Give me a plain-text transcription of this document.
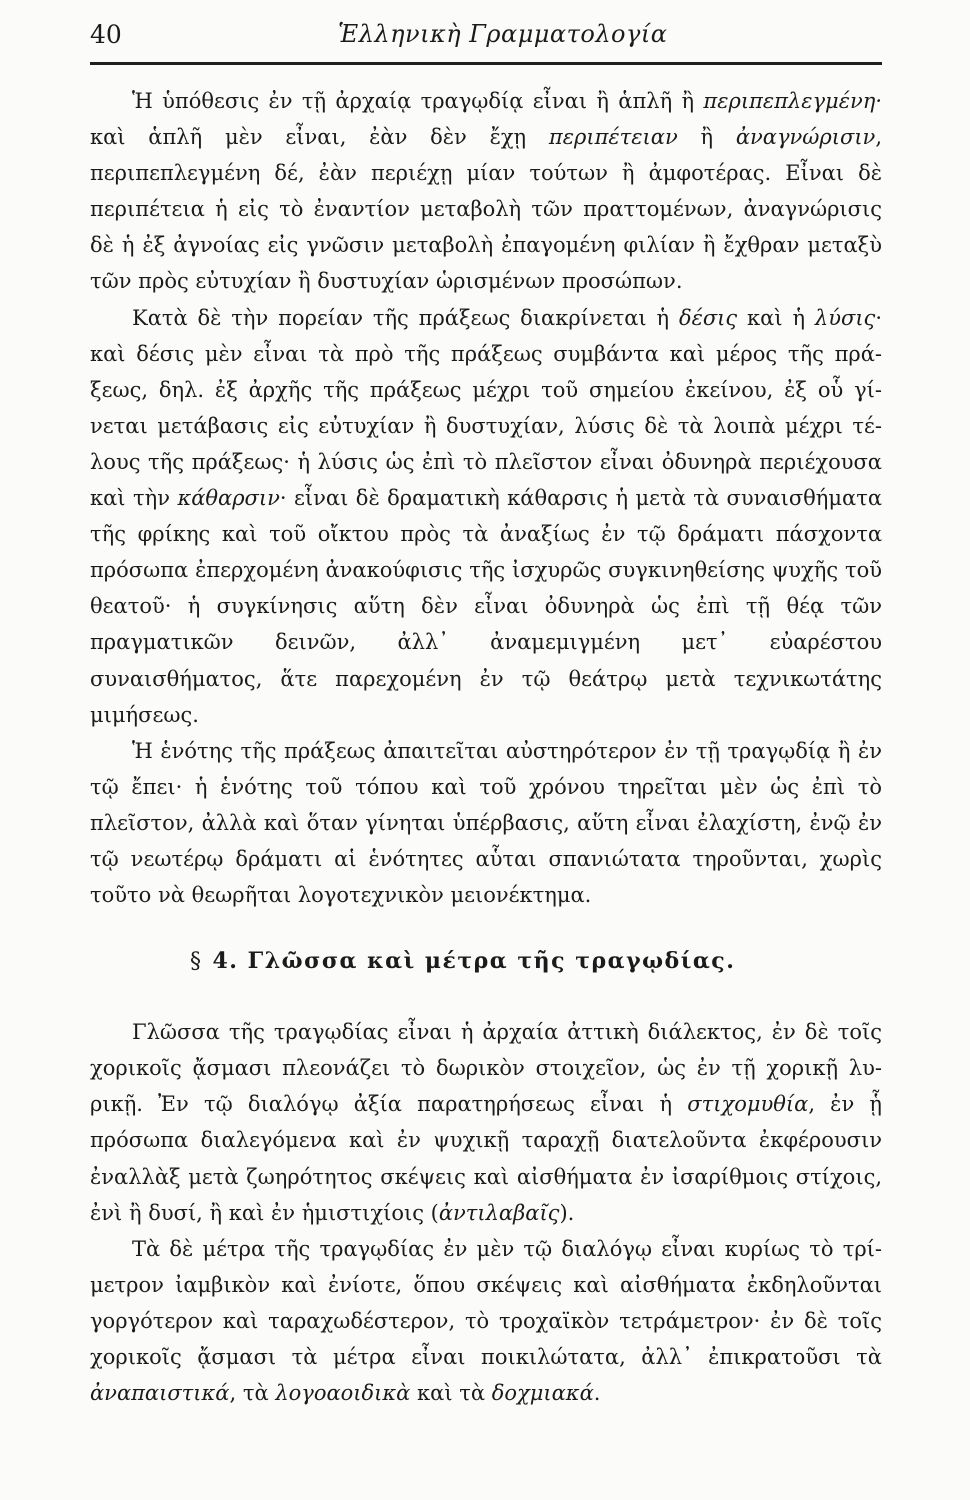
40	Ἑλληνικὴ Γραμματολογία

Ἡ ὑπόθεσις ἐν τῇ ἀρχαίᾳ τραγῳδίᾳ εἶναι ἢ ἁπλῆ ἢ περιπεπλεγμένη· καὶ ἁπλῆ μὲν εἶναι, ἐὰν δὲν ἔχῃ περιπέτειαν ἢ ἀναγνώρισιν, περιπεπλεγμένη δέ, ἐὰν περιέχῃ μίαν τούτων ἢ ἀμφοτέρας. Εἶναι δὲ περιπέτεια ἡ εἰς τὸ ἐναντίον μεταβολὴ τῶν πραττομένων, ἀναγνώρισις δὲ ἡ ἐξ ἀγνοίας εἰς γνῶσιν μεταβολὴ ἐπαγομένη φιλίαν ἢ ἔχθραν μεταξὺ τῶν πρὸς εὐτυχίαν ἢ δυστυχίαν ὡρισμένων προσώπων.

Κατὰ δὲ τὴν πορείαν τῆς πράξεως διακρίνεται ἡ δέσις καὶ ἡ λύσις· καὶ δέσις μὲν εἶναι τὰ πρὸ τῆς πράξεως συμβάντα καὶ μέρος τῆς πρά-ξεως, δηλ. ἐξ ἀρχῆς τῆς πράξεως μέχρι τοῦ σημείου ἐκείνου, ἐξ οὗ γί-νεται μετάβασις εἰς εὐτυχίαν ἢ δυστυχίαν, λύσις δὲ τὰ λοιπὰ μέχρι τέ-λους τῆς πράξεως· ἡ λύσις ὡς ἐπὶ τὸ πλεῖστον εἶναι ὀδυνηρὰ περιέχουσα καὶ τὴν κάθαρσιν· εἶναι δὲ δραματικὴ κάθαρσις ἡ μετὰ τὰ συναισθήματα τῆς φρίκης καὶ τοῦ οἴκτου πρὸς τὰ ἀναξίως ἐν τῷ δράματι πάσχοντα πρόσωπα ἐπερχομένη ἀνακούφισις τῆς ἰσχυρῶς συγκινηθείσης ψυχῆς τοῦ θεατοῦ· ἡ συγκίνησις αὕτη δὲν εἶναι ὀδυνηρὰ ὡς ἐπὶ τῇ θέᾳ τῶν πραγματικῶν δεινῶν, ἀλλ᾽ ἀναμεμιγμένη μετ᾽ εὐαρέστου συναισθήματος, ἅτε παρεχομένη ἐν τῷ θεάτρῳ μετὰ τεχνικωτάτης μιμήσεως.

Ἡ ἑνότης τῆς πράξεως ἀπαιτεῖται αὐστηρότερον ἐν τῇ τραγῳδίᾳ ἢ ἐν τῷ ἔπει· ἡ ἑνότης τοῦ τόπου καὶ τοῦ χρόνου τηρεῖται μὲν ὡς ἐπὶ τὸ πλεῖστον, ἀλλὰ καὶ ὅταν γίνηται ὑπέρβασις, αὕτη εἶναι ἐλαχίστη, ἐνῷ ἐν τῷ νεωτέρῳ δράματι αἱ ἑνότητες αὗται σπανιώτατα τηροῦνται, χωρὶς τοῦτο νὰ θεωρῆται λογοτεχνικὸν μειονέκτημα.

§ 4. Γλῶσσα καὶ μέτρα τῆς τραγῳδίας.

Γλῶσσα τῆς τραγῳδίας εἶναι ἡ ἀρχαία ἀττικὴ διάλεκτος, ἐν δὲ τοῖς χορικοῖς ᾄσμασι πλεονάζει τὸ δωρικὸν στοιχεῖον, ὡς ἐν τῇ χορικῇ λυ-ρικῇ. Ἐν τῷ διαλόγῳ ἀξία παρατηρήσεως εἶναι ἡ στιχομυθία, ἐν ᾗ πρόσωπα διαλεγόμενα καὶ ἐν ψυχικῇ ταραχῇ διατελοῦντα ἐκφέρουσιν ἐναλλὰξ μετὰ ζωηρότητος σκέψεις καὶ αἰσθήματα ἐν ἰσαρίθμοις στίχοις, ἐνὶ ἢ δυσί, ἢ καὶ ἐν ἡμιστιχίοις (ἀντιλαβαῖς).

Τὰ δὲ μέτρα τῆς τραγῳδίας ἐν μὲν τῷ διαλόγῳ εἶναι κυρίως τὸ τρί-μετρον ἰαμβικὸν καὶ ἐνίοτε, ὅπου σκέψεις καὶ αἰσθήματα ἐκδηλοῦνται γοργότερον καὶ ταραχωδέστερον, τὸ τροχαϊκὸν τετράμετρον· ἐν δὲ τοῖς χορικοῖς ᾄσμασι τὰ μέτρα εἶναι ποικιλώτατα, ἀλλ᾽ ἐπικρατοῦσι τὰ ἀναπαιστικά, τὰ λογοαοιδικὰ καὶ τὰ δοχμιακά.
